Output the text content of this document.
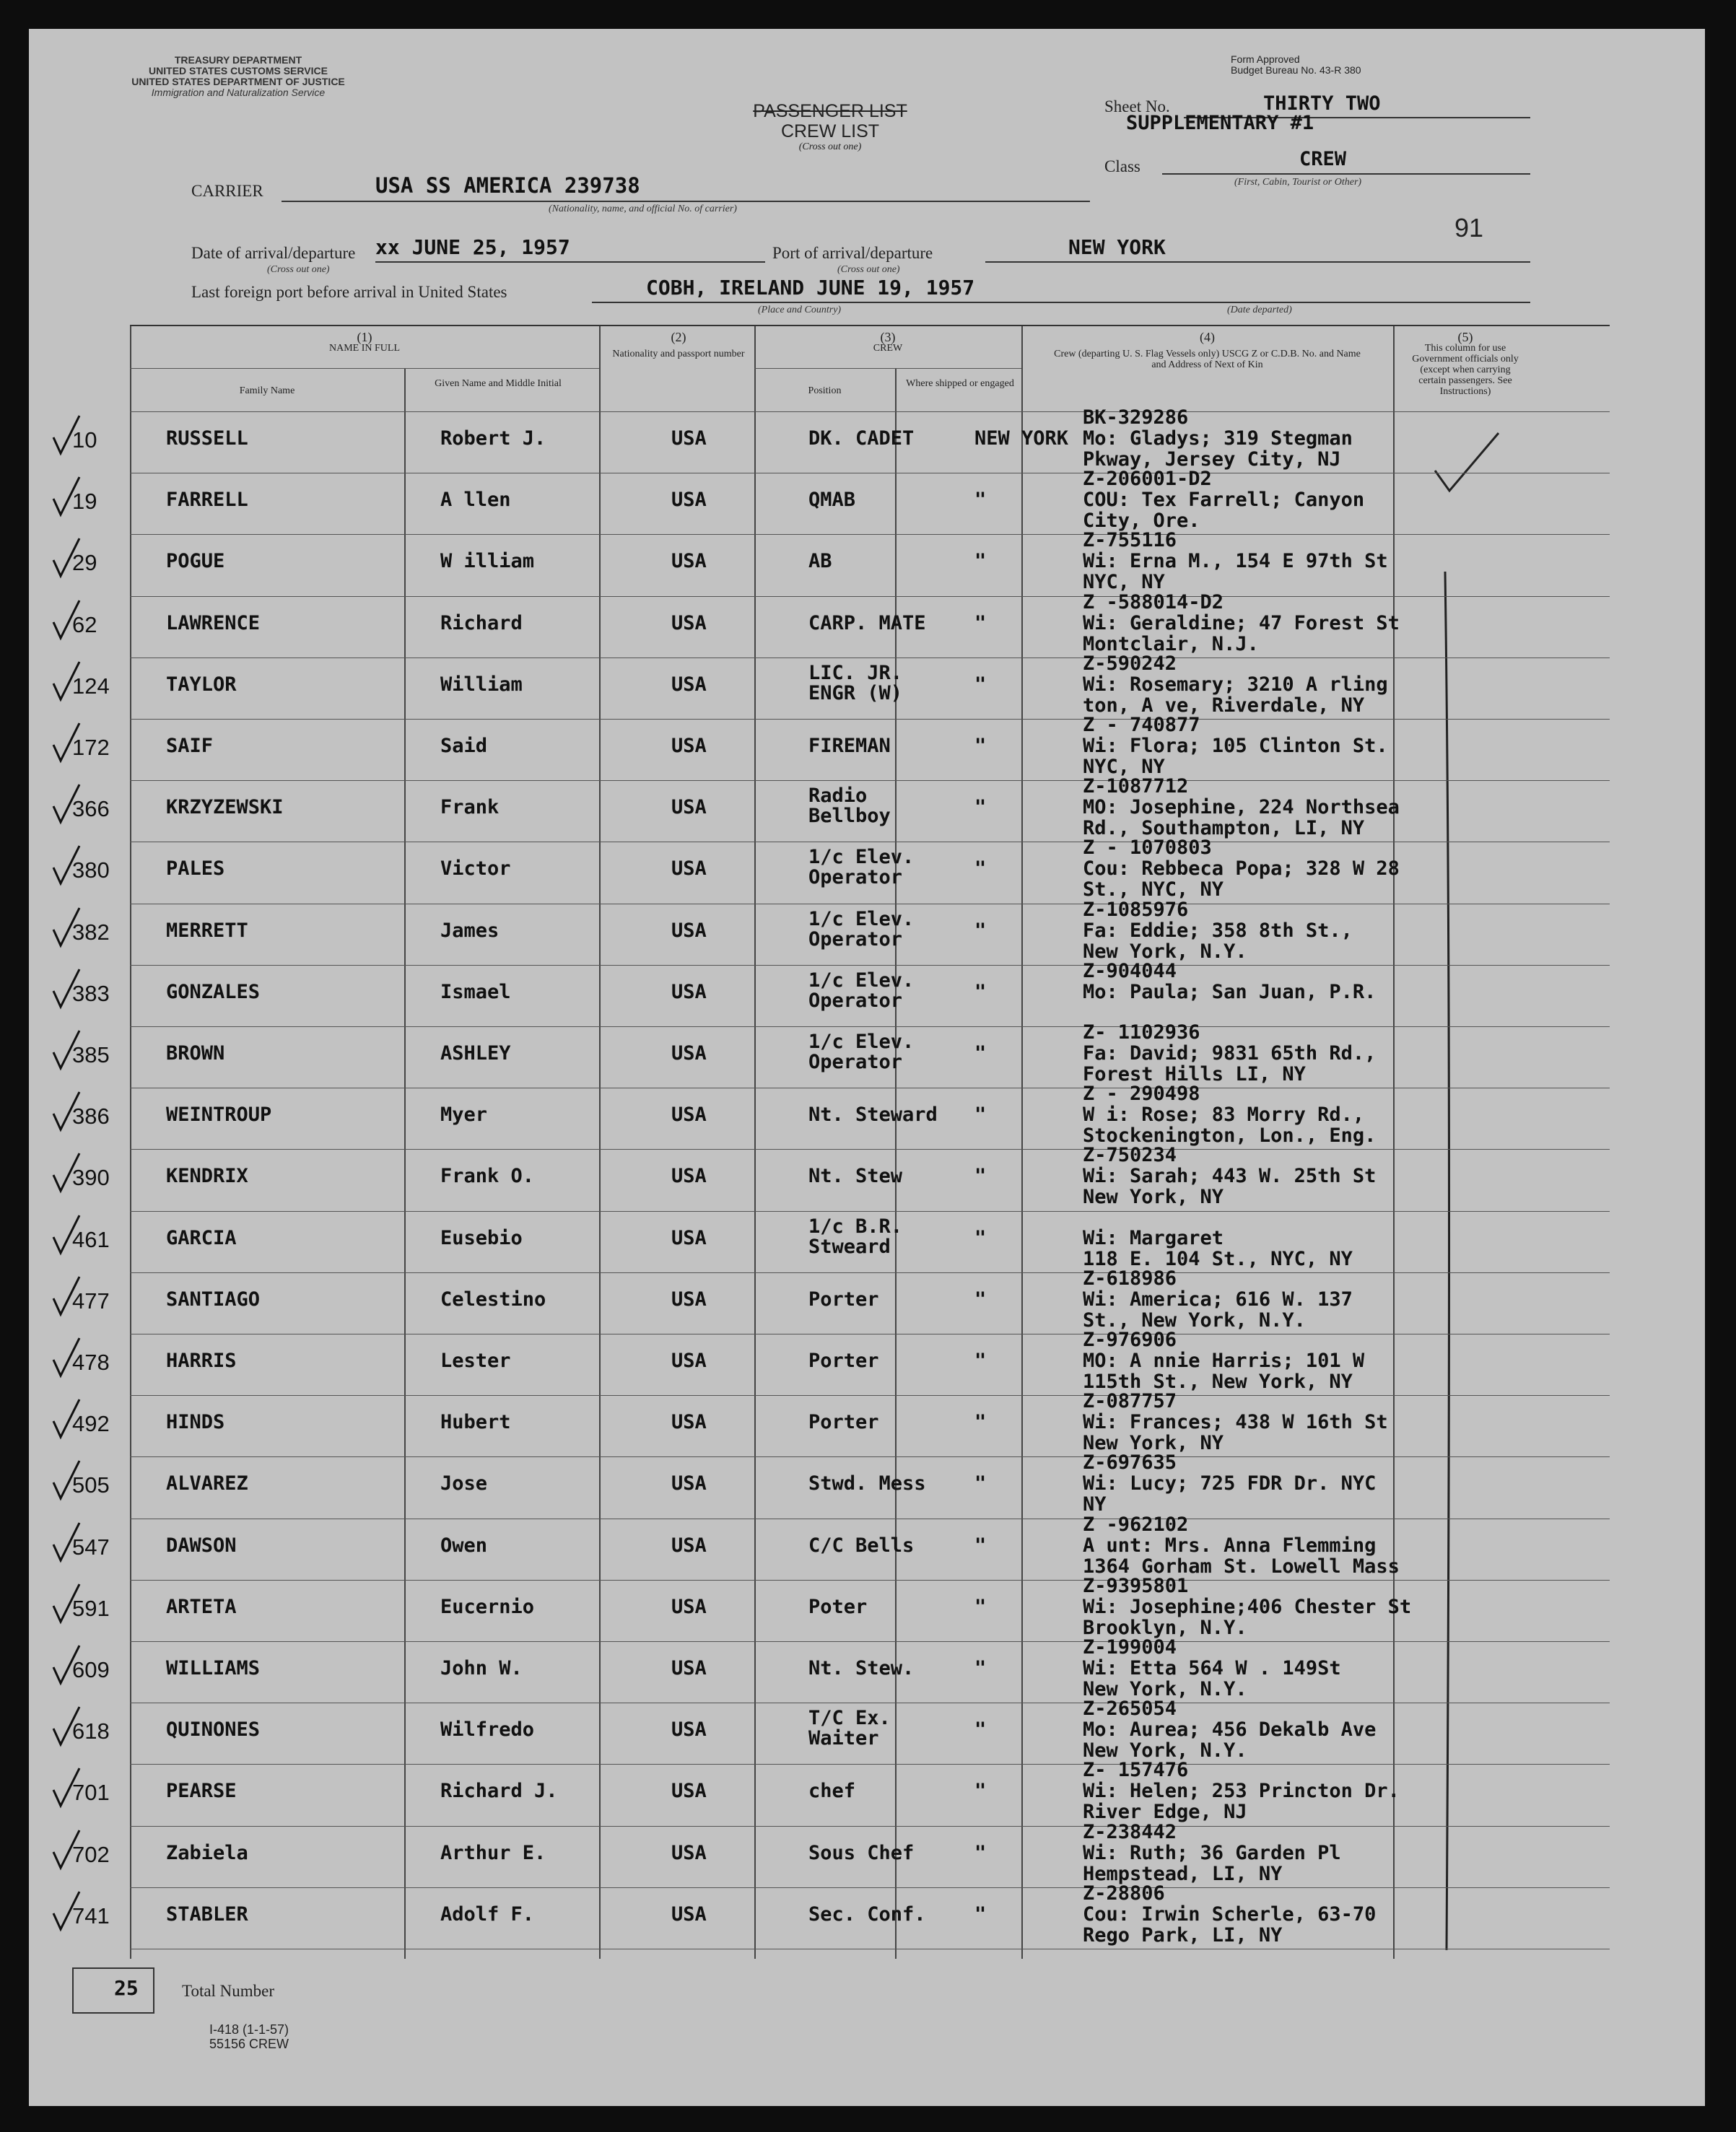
TREASURY DEPARTMENT
UNITED STATES CUSTOMS SERVICE
UNITED STATES DEPARTMENT OF JUSTICE
Immigration and Naturalization Service
Form Approved
Budget Bureau No. 43-R 380
PASSENGER LIST
CREW LIST
(Cross out one)
Sheet No.	THIRTY TWO
SUPPLEMENTARY #1
Class	CREW
(First, Cabin, Tourist or Other)
91
CARRIER	USA SS AMERICA 239738
(Nationality, name, and official No. of carrier)
Date of arrival/departure
(Cross out one)
xx JUNE 25, 1957	Port of arrival/departure
(Cross out one)
NEW YORK
Last foreign port before arrival in United States	COBH, IRELAND JUNE 19, 1957
(Place and Country)	(Date departed)
(1)
NAME IN FULL
Family Name
Given Name and Middle Initial
(2)
Nationality and passport number
(3)
CREW
Position
Where shipped or engaged
(4)
Crew (departing U. S. Flag Vessels only) USCG Z or C.D.B. No. and Name and Address of Next of Kin
(5)
This column for use Government officials only (except when carrying certain passengers. See Instructions)
10	RUSSELL	Robert J.	USA	DK. CADET	NEW YORK
BK-329286
Mo: Gladys; 319 Stegman
Pkway, Jersey City, NJ
19	FARRELL	A llen	USA	QMAB	"
Z-206001-D2
COU: Tex Farrell; Canyon
City, Ore.
29	POGUE	W illiam	USA	AB	"
Z-755116
Wi: Erna M., 154 E 97th St
NYC, NY
62	LAWRENCE	Richard	USA	CARP. MATE "
Z -588014-D2
Wi: Geraldine; 47 Forest St
Montclair, N.J.
124	TAYLOR	William	USA
LIC. JR. ENGR (W)	"
Z-590242
Wi: Rosemary; 3210 A rling
ton, A ve, Riverdale, NY
172	SAIF	Said	USA	FIREMAN	"
Z - 740877
Wi: Flora; 105 Clinton St.
NYC, NY
366	KRZYZEWSKI	Frank	USA
Radio Bellboy	"
Z-1087712
MO: Josephine, 224 Northsea
Rd., Southampton, LI, NY
380	PALES	Victor	USA
1/c Elev. Operator	"
Z - 1070803
Cou: Rebbeca Popa; 328 W 28
St., NYC, NY
382	MERRETT	James	USA
1/c Elev. Operator	"
Z-1085976
Fa: Eddie; 358 8th St.,
New York, N.Y.
383	GONZALES	Ismael	USA
1/c Elev. Operator	"
Z-904044
Mo: Paula; San Juan, P.R.
385	BROWN	ASHLEY	USA
1/c Elev. Operator	"
Z- 1102936
Fa: David; 9831 65th Rd.,
Forest Hills LI, NY
386	WEINTROUP	Myer	USA	Nt. Steward "
Z - 290498
W i: Rose; 83 Morry Rd.,
Stockenington, Lon., Eng.
390	KENDRIX	Frank O.	USA	Nt. Stew	"
Z-750234
Wi: Sarah; 443 W. 25th St
New York, NY
461	GARCIA	Eusebio	USA
1/c B.R. Stweard	"	Wi: Margaret
118 E. 104 St., NYC, NY
477	SANTIAGO	Celestino	USA	Porter	"
Z-618986
Wi: America; 616 W. 137
St., New York, N.Y.
478	HARRIS	Lester	USA	Porter	"
Z-976906
MO: A nnie Harris; 101 W
115th St., New York, NY
492	HINDS	Hubert	USA	Porter	"
Z-087757
Wi: Frances; 438 W 16th St
New York, NY
505	ALVAREZ	Jose	USA	Stwd. Mess "
Z-697635
Wi: Lucy; 725 FDR Dr. NYC
NY
547	DAWSON	Owen	USA	C/C Bells	"
Z -962102
A unt: Mrs. Anna Flemming
1364 Gorham St. Lowell Mass
591	ARTETA	Eucernio	USA	Poter	"
Z-9395801
Wi: Josephine;406 Chester St
Brooklyn, N.Y.
609	WILLIAMS	John W.	USA	Nt. Stew.	"
Z-199004
Wi: Etta 564 W . 149St
New York, N.Y.
618	QUINONES	Wilfredo	USA
T/C Ex. Waiter	"
Z-265054
Mo: Aurea; 456 Dekalb Ave
New York, N.Y.
701	PEARSE	Richard J.	USA	chef	"
Z- 157476
Wi: Helen; 253 Princton Dr.
River Edge, NJ
702	Zabiela	Arthur E.	USA	Sous Chef	"
Z-238442
Wi: Ruth; 36 Garden Pl
Hempstead, LI, NY
741	STABLER	Adolf F.	USA	Sec. Conf. "
Z-28806
Cou: Irwin Scherle, 63-70
Rego Park, LI, NY
25	Total Number
I-418 (1-1-57)
55156 CREW
